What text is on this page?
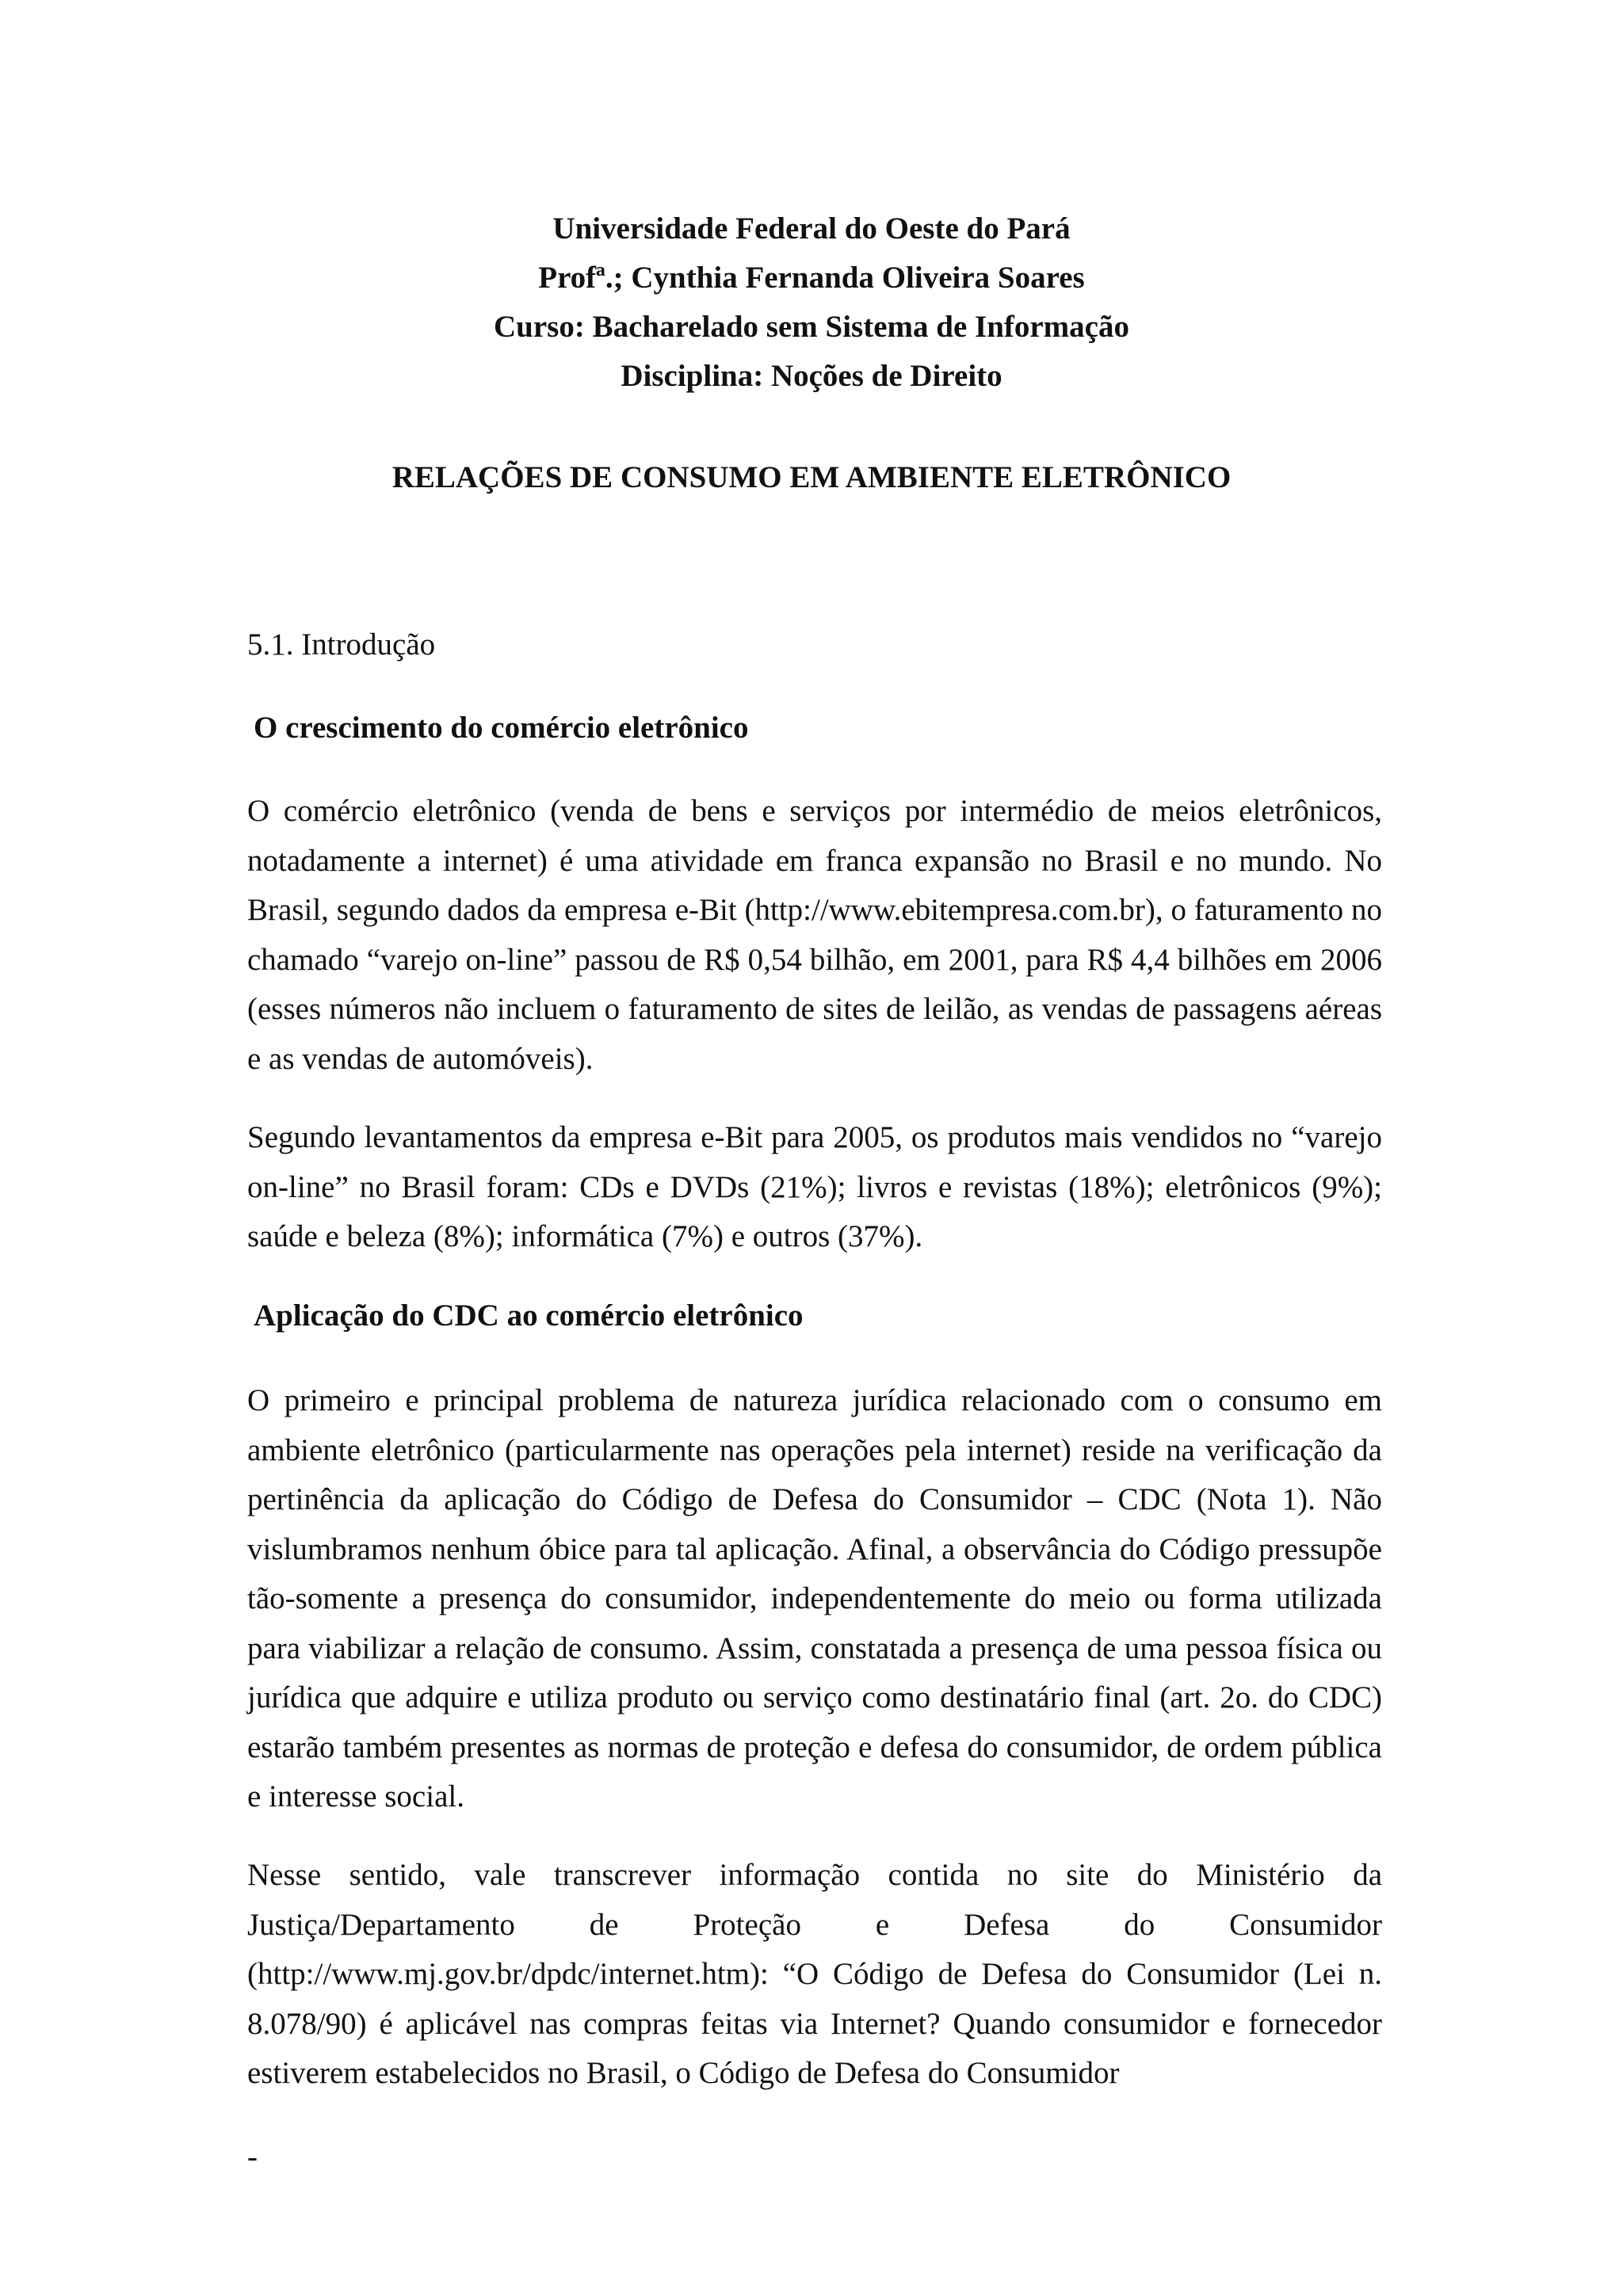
Universidade Federal do Oeste do Pará

Profª.; Cynthia Fernanda Oliveira Soares

Curso: Bacharelado sem Sistema de Informação

Disciplina: Noções de Direito

RELAÇÕES DE CONSUMO EM AMBIENTE ELETRÔNICO

5.1. Introdução

O crescimento do comércio eletrônico

O comércio eletrônico (venda de bens e serviços por intermédio de meios eletrônicos, notadamente a internet) é uma atividade em franca expansão no Brasil e no mundo. No Brasil, segundo dados da empresa e-Bit (http://www.ebitempresa.com.br), o faturamento no chamado “varejo on-line” passou de R$ 0,54 bilhão, em 2001, para R$ 4,4 bilhões em 2006 (esses números não incluem o faturamento de sites de leilão, as vendas de passagens aéreas e as vendas de automóveis).

Segundo levantamentos da empresa e-Bit para 2005, os produtos mais vendidos no “varejo on-line” no Brasil foram: CDs e DVDs (21%); livros e revistas (18%); eletrônicos (9%); saúde e beleza (8%); informática (7%) e outros (37%).

Aplicação do CDC ao comércio eletrônico

O primeiro e principal problema de natureza jurídica relacionado com o consumo em ambiente eletrônico (particularmente nas operações pela internet) reside na verificação da pertinência da aplicação do Código de Defesa do Consumidor – CDC (Nota 1). Não vislumbramos nenhum óbice para tal aplicação. Afinal, a observância do Código pressupõe tão-somente a presença do consumidor, independentemente do meio ou forma utilizada para viabilizar a relação de consumo. Assim, constatada a presença de uma pessoa física ou jurídica que adquire e utiliza produto ou serviço como destinatário final (art. 2o. do CDC) estarão também presentes as normas de proteção e defesa do consumidor, de ordem pública e interesse social.

Nesse sentido, vale transcrever informação contida no site do Ministério da Justiça/Departamento de Proteção e Defesa do Consumidor (http://www.mj.gov.br/dpdc/internet.htm): “O Código de Defesa do Consumidor (Lei n. 8.078/90) é aplicável nas compras feitas via Internet? Quando consumidor e fornecedor estiverem estabelecidos no Brasil, o Código de Defesa do Consumidor

-
